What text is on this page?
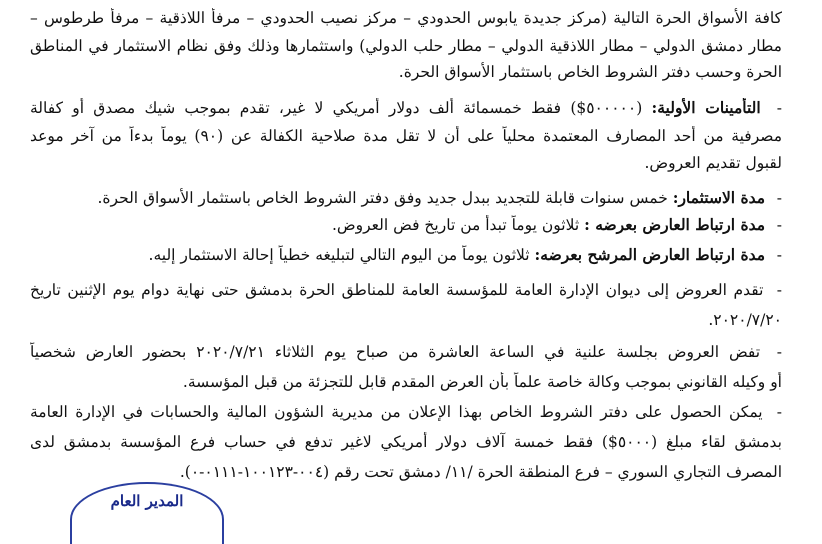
كافة الأسواق الحرة التالية (مركز جديدة يابوس الحدودي – مركز نصيب الحدودي – مرفأ اللاذقية – مرفأ طرطوس –
مطار دمشق الدولي – مطار اللاذقية الدولي – مطار حلب الدولي) واستثمارها وذلك وفق نظام الاستثمار في المناطق
الحرة وحسب دفتر الشروط الخاص باستثمار الأسواق الحرة.
- التأمينات الأولية: (٥٠٠٠٠٠$) فقط خمسمائة ألف دولار أمريكي لا غير، تقدم بموجب شيك مصدق أو كفالة
مصرفية من أحد المصارف المعتمدة محلياً على أن لا تقل مدة صلاحية الكفالة عن (٩٠) يوماً بدءاً من آخر موعد
لقبول تقديم العروض.
- مدة الاستثمار: خمس سنوات قابلة للتجديد ببدل جديد وفق دفتر الشروط الخاص باستثمار الأسواق الحرة.
- مدة ارتباط العارض بعرضه : ثلاثون يوماً تبدأ من تاريخ فض العروض.
- مدة ارتباط العارض المرشح بعرضه: ثلاثون يوماً من اليوم التالي لتبليغه خطياً إحالة الاستثمار إليه.
- تقدم العروض إلى ديوان الإدارة العامة للمؤسسة العامة للمناطق الحرة بدمشق حتى نهاية دوام يوم الإثنين تاريخ
٢٠٢٠/٧/٢٠.
- تفض العروض بجلسة علنية في الساعة العاشرة من صباح يوم الثلاثاء ٢٠٢٠/٧/٢١ بحضور العارض شخصياً
أو وكيله القانوني بموجب وكالة خاصة علماً بأن العرض المقدم قابل للتجزئة من قبل المؤسسة.
- يمكن الحصول على دفتر الشروط الخاص بهذا الإعلان من مديرية الشؤون المالية والحسابات في الإدارة العامة
بدمشق لقاء مبلغ (٥٠٠٠$) فقط خمسة آلاف دولار أمريكي لاغير تدفع في حساب فرع المؤسسة بدمشق لدى
المصرف التجاري السوري – فرع المنطقة الحرة /١١/ دمشق تحت رقم (٠٠٤-١٠٠١٢٣-٠١١١-٠).
المدير العام
